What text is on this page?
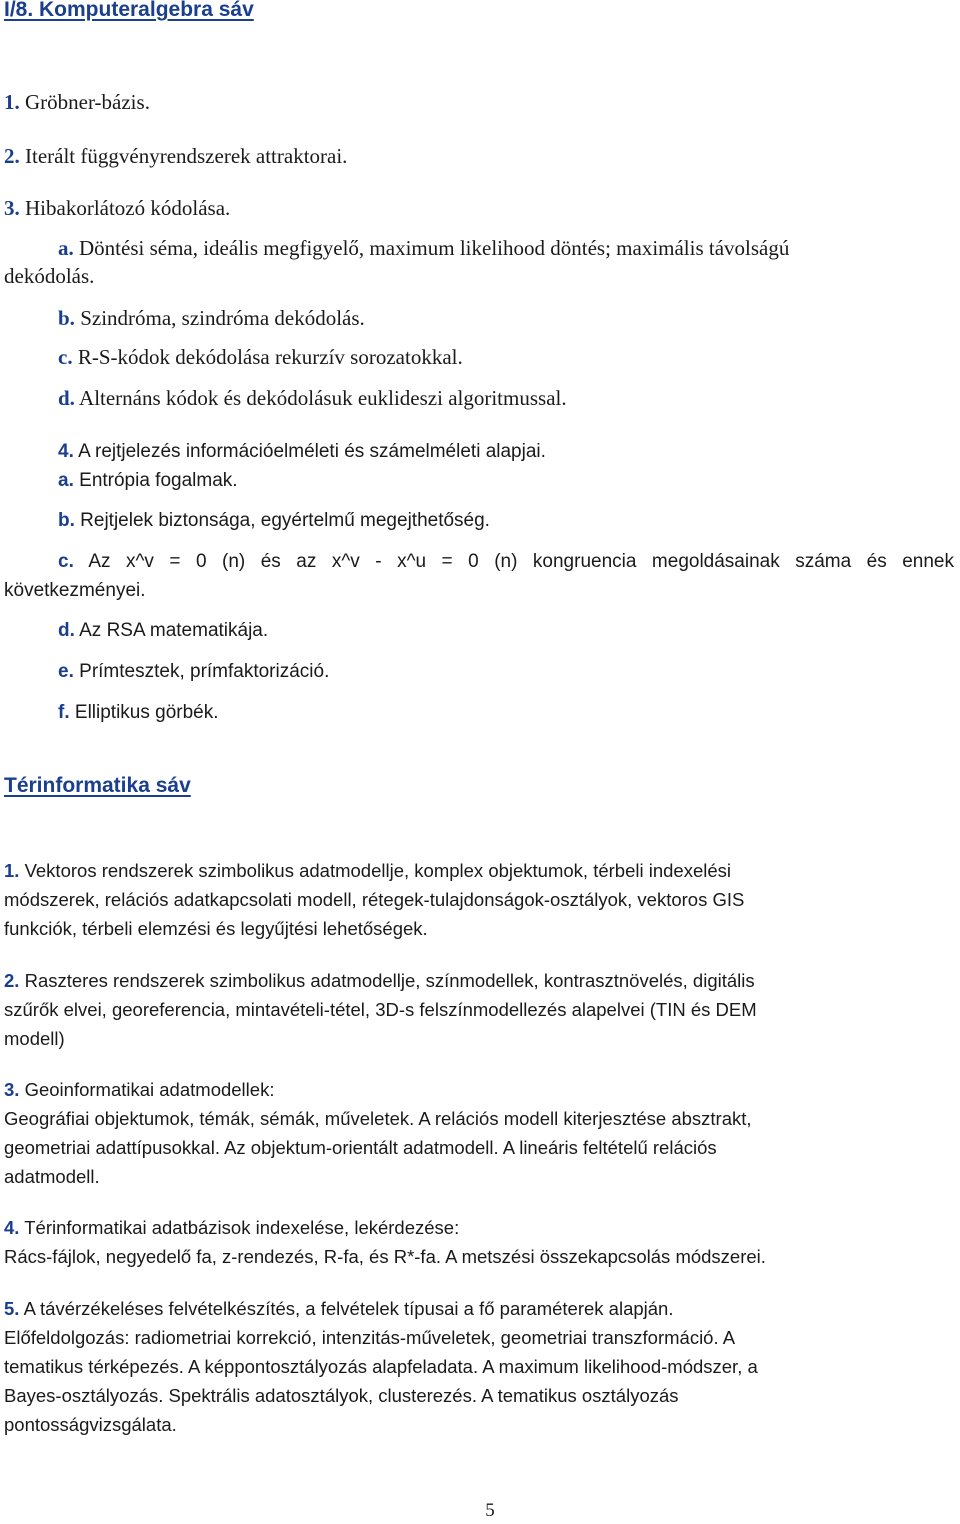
I/8. Komputeralgebra sáv
1. Gröbner-bázis.
2. Iterált függvényrendszerek attraktorai.
3. Hibakorlátozó kódolása.
a. Döntési séma, ideális megfigyelő, maximum likelihood döntés; maximális távolságú
dekódolás.
b. Szindróma, szindróma dekódolás.
c. R-S-kódok dekódolása rekurzív sorozatokkal.
d. Alternáns kódok és dekódolásuk euklideszi algoritmussal.
4. A rejtjelezés információelméleti és számelméleti alapjai.
a. Entrópia fogalmak.
b. Rejtjelek biztonsága, egyértelmű megejthetőség.
c. Az x^v = 0 (n) és az x^v - x^u = 0 (n) kongruencia megoldásainak száma és ennek
következményei.
d. Az RSA matematikája.
e. Prímtesztek, prímfaktorizáció.
f. Elliptikus görbék.
Térinformatika sáv
1. Vektoros rendszerek szimbolikus adatmodellje, komplex objektumok, térbeli indexelési
módszerek, relációs adatkapcsolati modell, rétegek-tulajdonságok-osztályok, vektoros GIS
funkciók, térbeli elemzési és legyűjtési lehetőségek.
2. Raszteres rendszerek szimbolikus adatmodellje, színmodellek, kontrasztnövelés, digitális
szűrők elvei, georeferencia, mintavételi-tétel, 3D-s felszínmodellezés alapelvei (TIN és DEM
modell)
3. Geoinformatikai adatmodellek:
Geográfiai objektumok, témák, sémák, műveletek. A relációs modell kiterjesztése absztrakt,
geometriai adattípusokkal. Az objektum-orientált adatmodell. A lineáris feltételű relációs
adatmodell.
4. Térinformatikai adatbázisok indexelése, lekérdezése:
Rács-fájlok, negyedelő fa, z-rendezés, R-fa, és R*-fa. A metszési összekapcsolás módszerei.
5. A távérzékeléses felvételkészítés, a felvételek típusai a fő paraméterek alapján.
Előfeldolgozás: radiometriai korrekció, intenzitás-műveletek, geometriai transzformáció. A
tematikus térképezés. A képpontosztályozás alapfeladata. A maximum likelihood-módszer, a
Bayes-osztályozás. Spektrális adatosztályok, clusterezés. A tematikus osztályozás
pontosságvizsgálata.
5
